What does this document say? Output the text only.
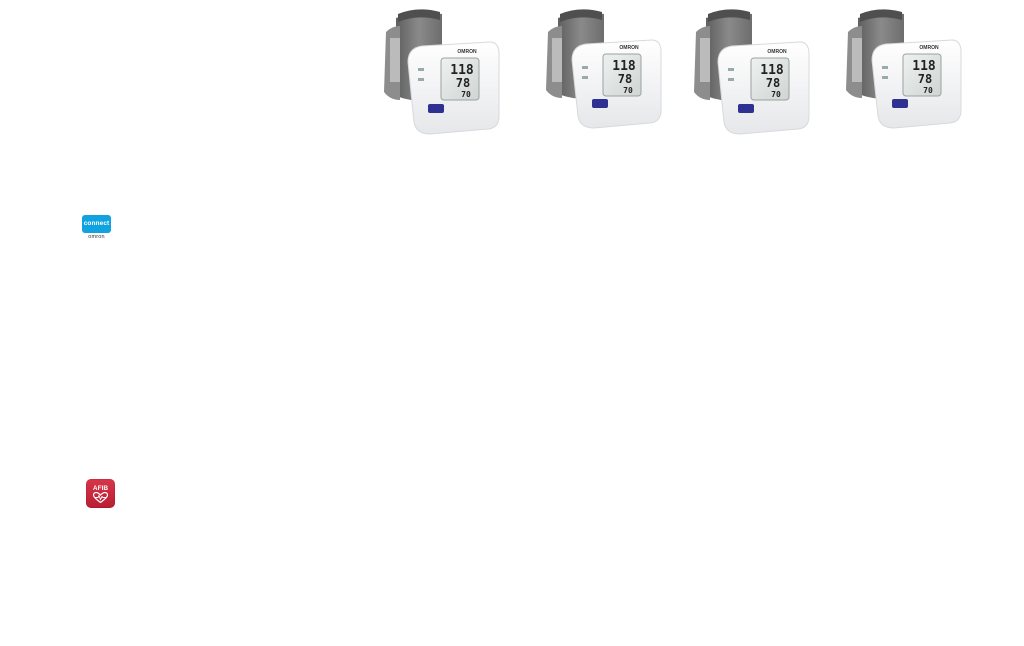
connect
omron
AFIB
118
78
70
OMRON
118
78
70
OMRON
118
78
70
OMRON
118
78
70
OMRON
